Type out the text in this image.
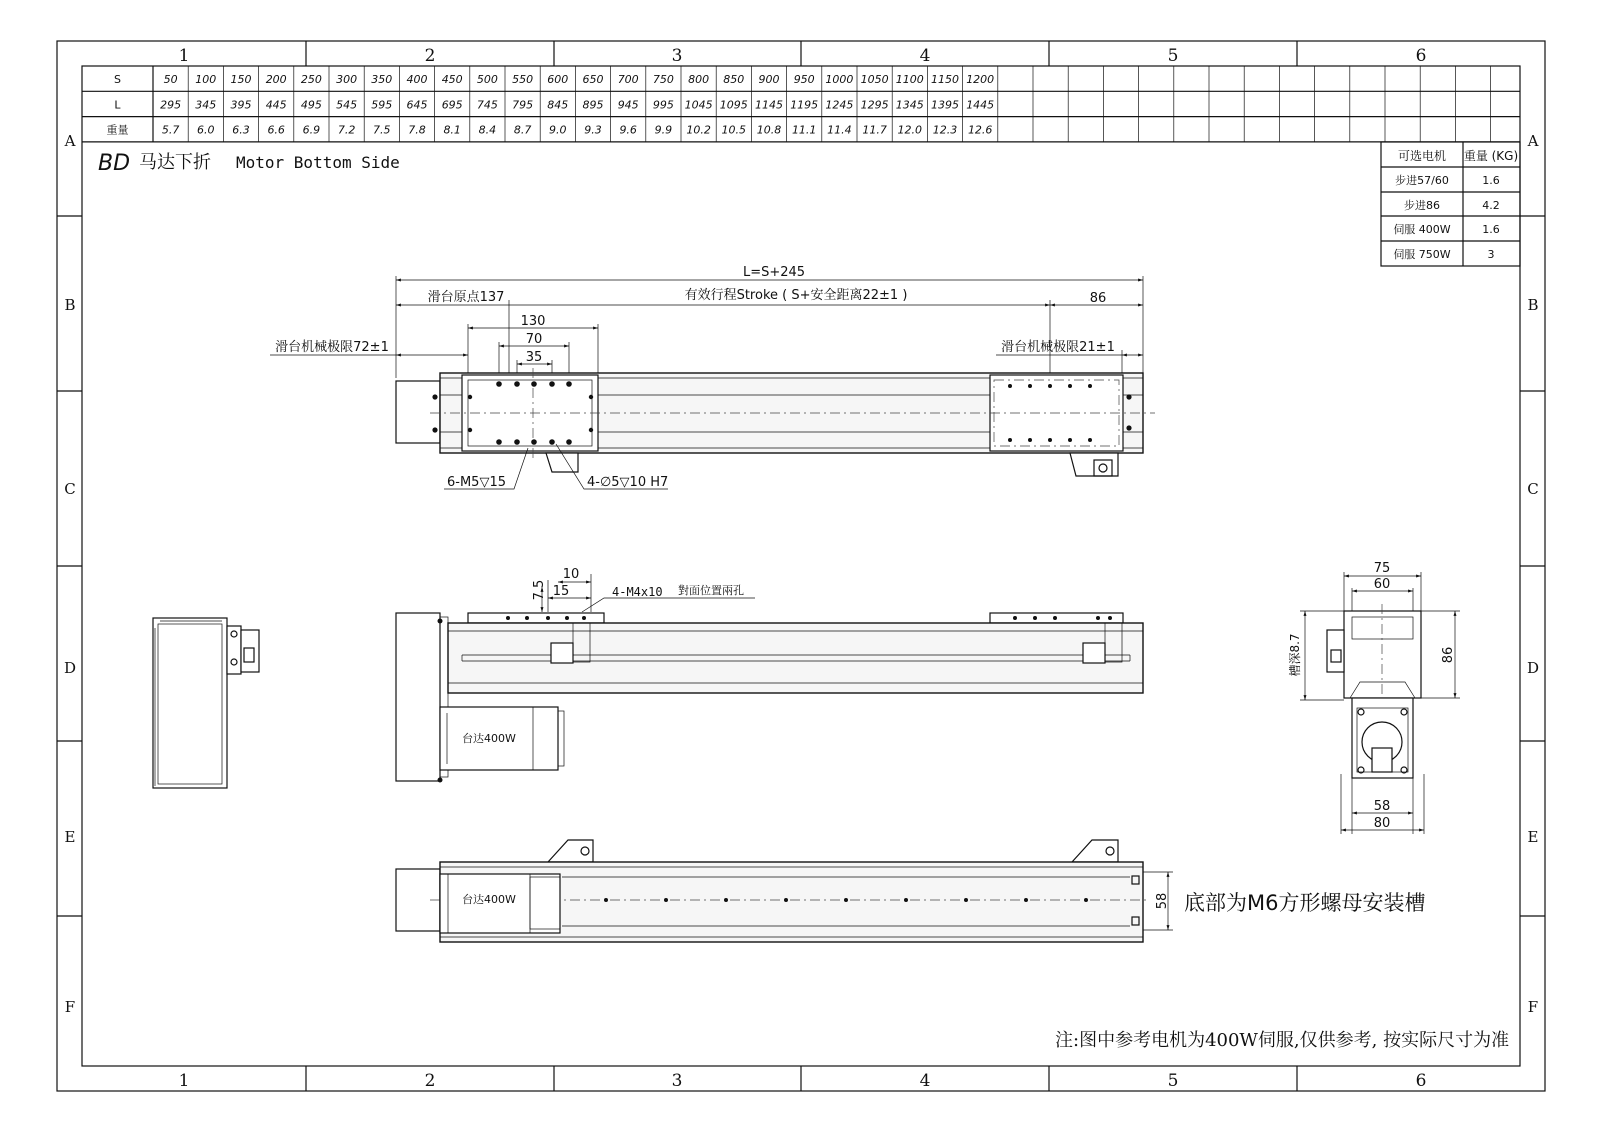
1	2	3	4	5	6
1	2	3	4	5	6
A
B
C
D
E
F
A
B
C
D
E
F
S	50 100 150 200 250 300 350 400 450 500 550 600 650 700 750 800 850 900 950 1000 1050 1100 1150 1200
L	295 345 395 445 495 545 595 645 695 745 795 845 895 945 995 1045 1095 1145 1195 1245 1295 1345 1395 1445
重量	5.7 6.0 6.3 6.6 6.9 7.2 7.5 7.8 8.1 8.4 8.7 9.0 9.3 9.6 9.9 10.2 10.5 10.8 11.1 11.4 11.7 12.0 12.3 12.6
BD 马达下折 Motor Bottom Side	可选电机 重量 (KG)
步进57/60	1.6
步进86	4.2
伺服 400W	1.6
伺服 750W	3
L=S+245
滑台原点137	有效行程Stroke ( S+安全距离22±1 )	86
130
70
35
滑台机械极限72±1	滑台机械极限21±1
6-M5▽15	4-∅5▽10 H7
10
15
7.5	4-M4x10 對面位置兩孔
台达400W
75
60
86
槽深8.7
58
80
台达400W	58 底部为M6方形螺母安装槽
注:图中参考电机为400W伺服,仅供参考, 按实际尺寸为准
